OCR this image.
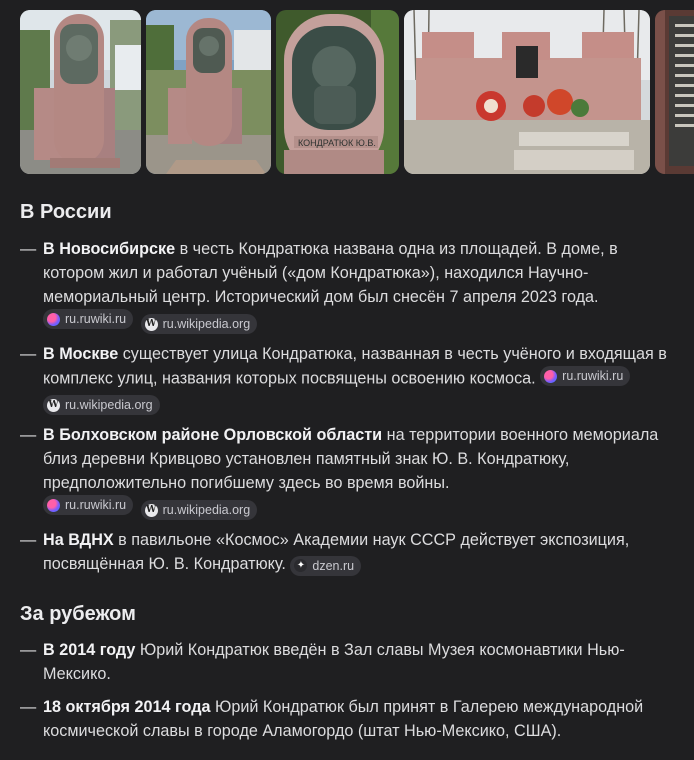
КОНДРАТЮК Ю.В.
В России
— В Новосибирске в честь Кондратюка названа одна из площадей. В доме, в котором жил и работал учёный («дом Кондратюка»), находился Научно-мемориальный центр. Исторический дом был снесён 7 апреля 2023 года.

ru.ruwiki.ru
W ru.wikipedia.org
— В Москве существует улица Кондратюка, названная в честь учёного и входящая в комплекс улиц, названия которых посвящены освоению космоса. ru.ruwiki.ru

W ru.wikipedia.org
— В Болховском районе Орловской области на территории военного мемориала близ деревни Кривцово установлен памятный знак Ю. В. Кондратюку, предположительно погибшему здесь во время войны.

ru.ruwiki.ru
W ru.wikipedia.org
— На ВДНХ в павильоне «Космос» Академии наук СССР действует экспозиция, посвящённая Ю. В. Кондратюку. ✦ dzen.ru
За рубежом
— В 2014 году Юрий Кондратюк введён в Зал славы Музея космонавтики Нью-Мексико.
— 18 октября 2014 года Юрий Кондратюк был принят в Галерею международной космической славы в городе Аламогордо (штат Нью-Мексико, США).
